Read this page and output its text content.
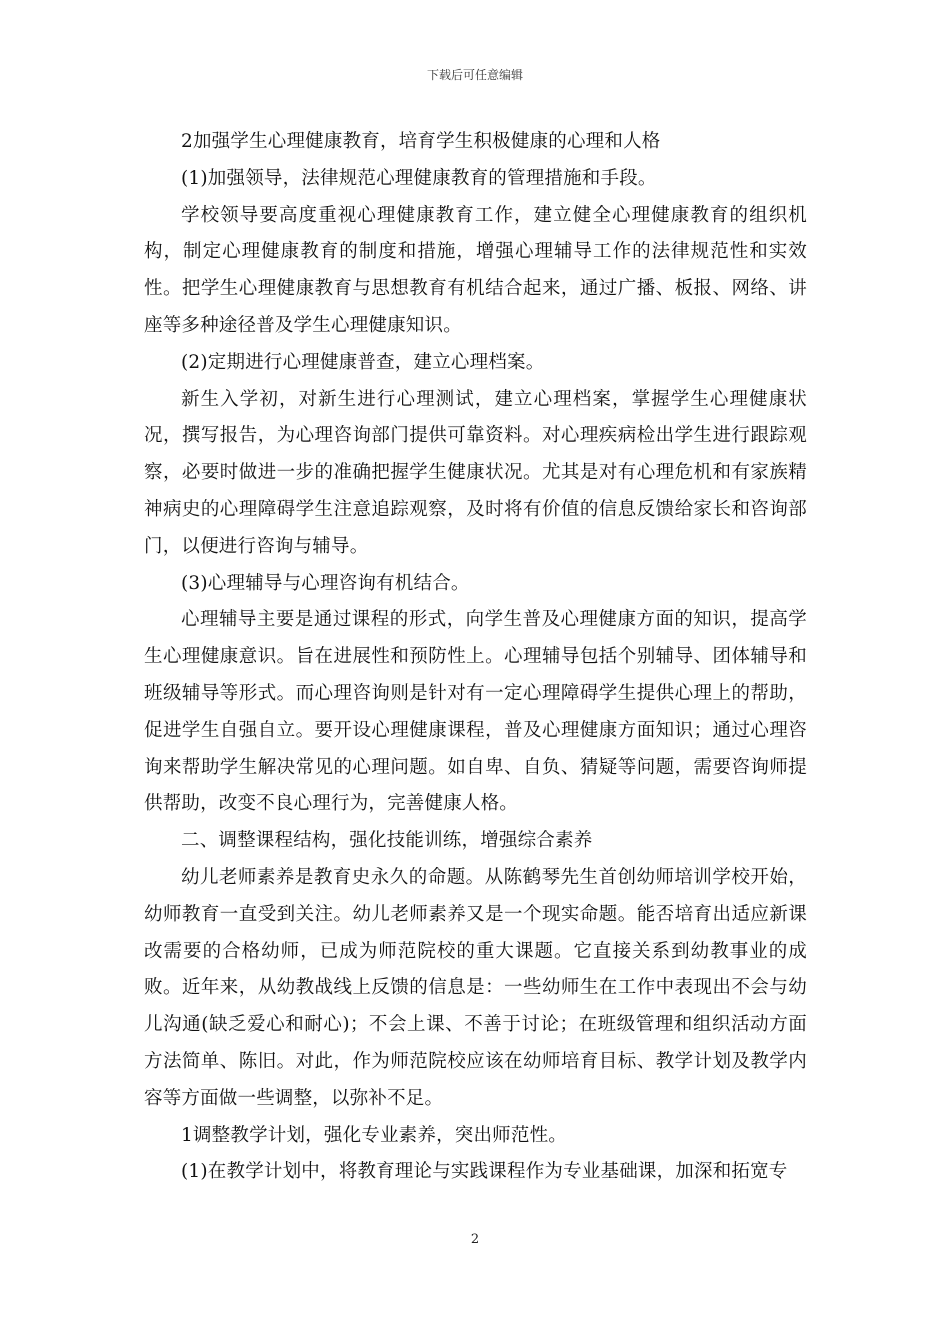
下载后可任意编辑

2加强学生心理健康教育，培育学生积极健康的心理和人格

(1)加强领导，法律规范心理健康教育的管理措施和手段。

学校领导要高度重视心理健康教育工作，建立健全心理健康教育的组织机构，制定心理健康教育的制度和措施，增强心理辅导工作的法律规范性和实效性。把学生心理健康教育与思想教育有机结合起来，通过广播、板报、网络、讲座等多种途径普及学生心理健康知识。

(2)定期进行心理健康普查，建立心理档案。

新生入学初，对新生进行心理测试，建立心理档案，掌握学生心理健康状况，撰写报告，为心理咨询部门提供可靠资料。对心理疾病检出学生进行跟踪观察，必要时做进一步的准确把握学生健康状况。尤其是对有心理危机和有家族精神病史的心理障碍学生注意追踪观察，及时将有价值的信息反馈给家长和咨询部门，以便进行咨询与辅导。

(3)心理辅导与心理咨询有机结合。

心理辅导主要是通过课程的形式，向学生普及心理健康方面的知识，提高学生心理健康意识。旨在进展性和预防性上。心理辅导包括个别辅导、团体辅导和班级辅导等形式。而心理咨询则是针对有一定心理障碍学生提供心理上的帮助，促进学生自强自立。要开设心理健康课程，普及心理健康方面知识；通过心理咨询来帮助学生解决常见的心理问题。如自卑、自负、猜疑等问题，需要咨询师提供帮助，改变不良心理行为，完善健康人格。

二、调整课程结构，强化技能训练，增强综合素养

幼儿老师素养是教育史永久的命题。从陈鹤琴先生首创幼师培训学校开始，幼师教育一直受到关注。幼儿老师素养又是一个现实命题。能否培育出适应新课改需要的合格幼师，已成为师范院校的重大课题。它直接关系到幼教事业的成败。近年来，从幼教战线上反馈的信息是：一些幼师生在工作中表现出不会与幼儿沟通(缺乏爱心和耐心)；不会上课、不善于讨论；在班级管理和组织活动方面方法简单、陈旧。对此，作为师范院校应该在幼师培育目标、教学计划及教学内容等方面做一些调整，以弥补不足。

1调整教学计划，强化专业素养，突出师范性。

(1)在教学计划中，将教育理论与实践课程作为专业基础课，加深和拓宽专

2
